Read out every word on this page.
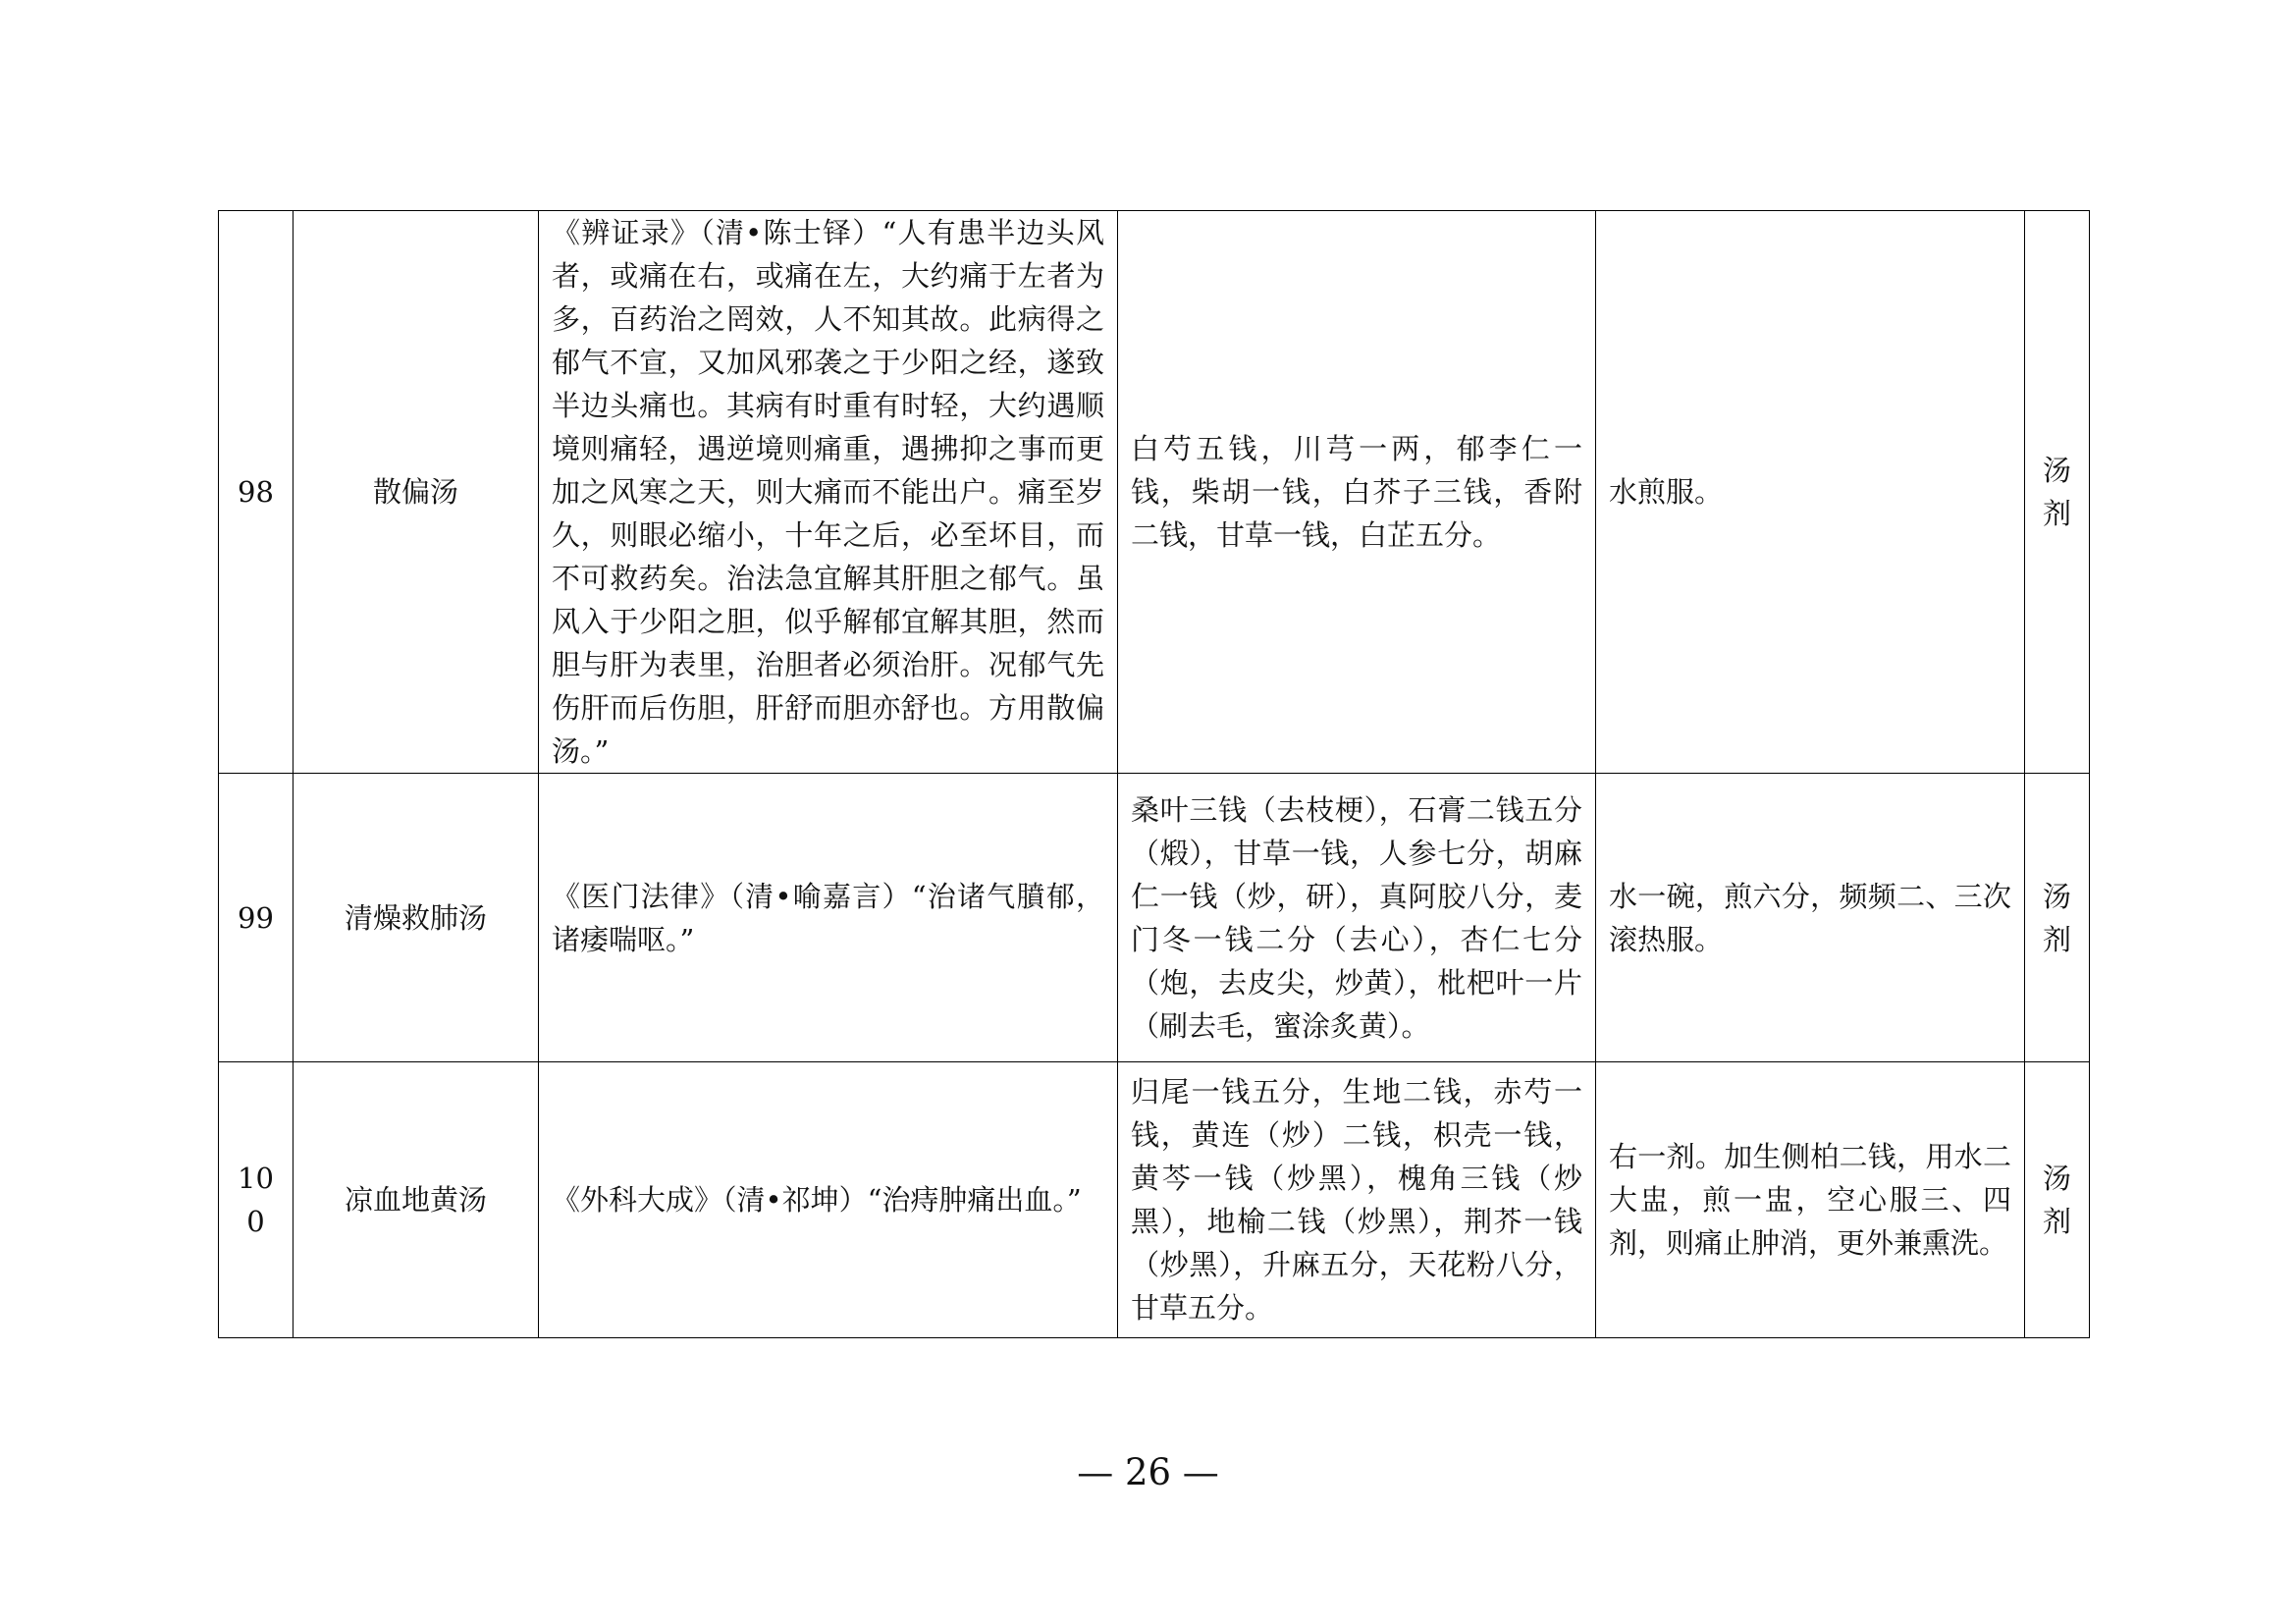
98	散偏汤	《辨证录》（清•陈士铎）“人有患半边头风者，或痛在右，或痛在左，大约痛于左者为多，百药治之罔效，人不知其故。此病得之郁气不宣，又加风邪袭之于少阳之经，遂致半边头痛也。其病有时重有时轻，大约遇顺境则痛轻，遇逆境则痛重，遇拂抑之事而更加之风寒之天，则大痛而不能出户。痛至岁久，则眼必缩小，十年之后，必至坏目，而不可救药矣。治法急宜解其肝胆之郁气。虽风入于少阳之胆，似乎解郁宜解其胆，然而胆与肝为表里，治胆者必须治肝。况郁气先伤肝而后伤胆，肝舒而胆亦舒也。方用散偏汤。”	白芍五钱，川芎一两，郁李仁一钱，柴胡一钱，白芥子三钱，香附二钱，甘草一钱，白芷五分。	水煎服。	汤剂
99	清燥救肺汤	《医门法律》（清•喻嘉言）“治诸气膹郁，诸痿喘呕。”	桑叶三钱（去枝梗），石膏二钱五分（煅），甘草一钱，人参七分，胡麻仁一钱（炒，研），真阿胶八分，麦门冬一钱二分（去心），杏仁七分（炮，去皮尖，炒黄），枇杷叶一片（刷去毛，蜜涂炙黄）。	水一碗，煎六分，频频二、三次滚热服。	汤剂
100	凉血地黄汤	《外科大成》（清•祁坤）“治痔肿痛出血。”	归尾一钱五分，生地二钱，赤芍一钱，黄连（炒）二钱，枳壳一钱，黄芩一钱（炒黑），槐角三钱（炒黑），地榆二钱（炒黑），荆芥一钱（炒黑），升麻五分，天花粉八分，甘草五分。	右一剂。加生侧柏二钱，用水二大盅，煎一盅，空心服三、四剂，则痛止肿消，更外兼熏洗。	汤剂
— 26 —
